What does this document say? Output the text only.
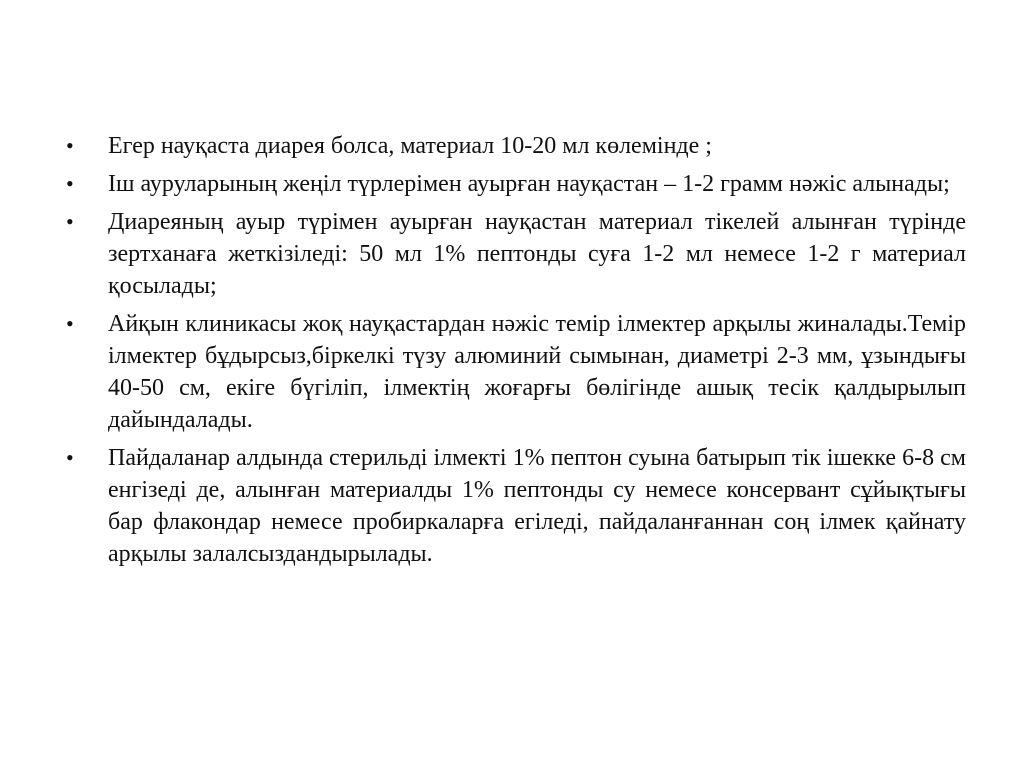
•	Егер науқаста диарея болса, материал 10-20 мл көлемінде ;
•	Іш ауруларының жеңіл түрлерімен ауырған науқастан – 1-2 грамм нәжіс алынады;
•	Диареяның ауыр түрімен ауырған науқастан материал тікелей алынған түрінде зертханаға жеткізіледі: 50 мл 1% пептонды суға 1-2 мл немесе 1-2 г материал қосылады;
•	Айқын клиникасы жоқ науқастардан нәжіс темір ілмектер арқылы жиналады.Темір ілмектер бұдырсыз,біркелкі түзу алюминий сымынан, диаметрі 2-3 мм, ұзындығы 40-50 см, екіге бүгіліп, ілмектің жоғарғы бөлігінде ашық тесік қалдырылып дайындалады.
•	Пайдаланар алдында стерильді ілмекті 1% пептон суына батырып тік ішекке 6-8 см енгізеді де, алынған материалды 1% пептонды су немесе консервант сұйықтығы бар флакондар немесе пробиркаларға егіледі, пайдаланғаннан соң ілмек қайнату арқылы залалсыздандырылады.
